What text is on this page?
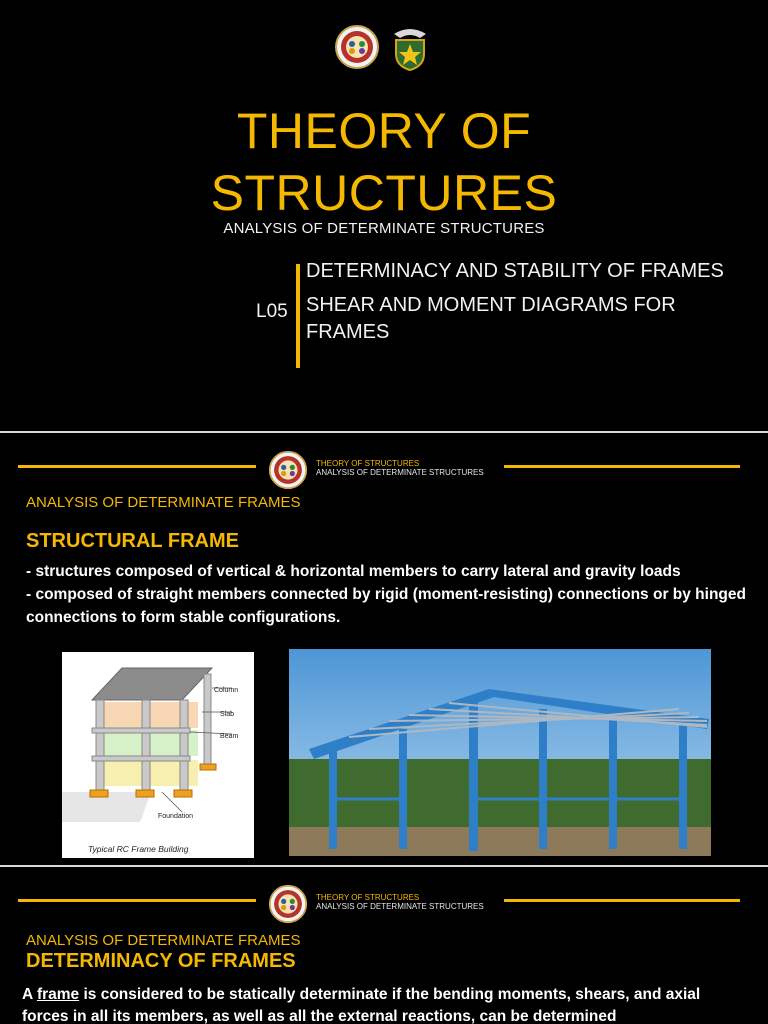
THEORY OF
STRUCTURES
ANALYSIS OF DETERMINATE STRUCTURES
L05
DETERMINACY AND STABILITY OF FRAMES
SHEAR AND MOMENT DIAGRAMS FOR FRAMES
THEORY OF STRUCTURES
ANALYSIS OF DETERMINATE STRUCTURES
ANALYSIS OF DETERMINATE FRAMES
STRUCTURAL FRAME
- structures composed of vertical & horizontal members to carry lateral and gravity loads
- composed of straight members connected by rigid (moment-resisting) connections or by hinged connections to form stable configurations.
Column
Slab
Beam
Foundation
Typical RC Frame Building
THEORY OF STRUCTURES
ANALYSIS OF DETERMINATE STRUCTURES
ANALYSIS OF DETERMINATE FRAMES
DETERMINACY OF FRAMES
A frame is considered to be statically determinate if the bending moments, shears, and axial forces in all its members, as well as all the external reactions, can be determined
